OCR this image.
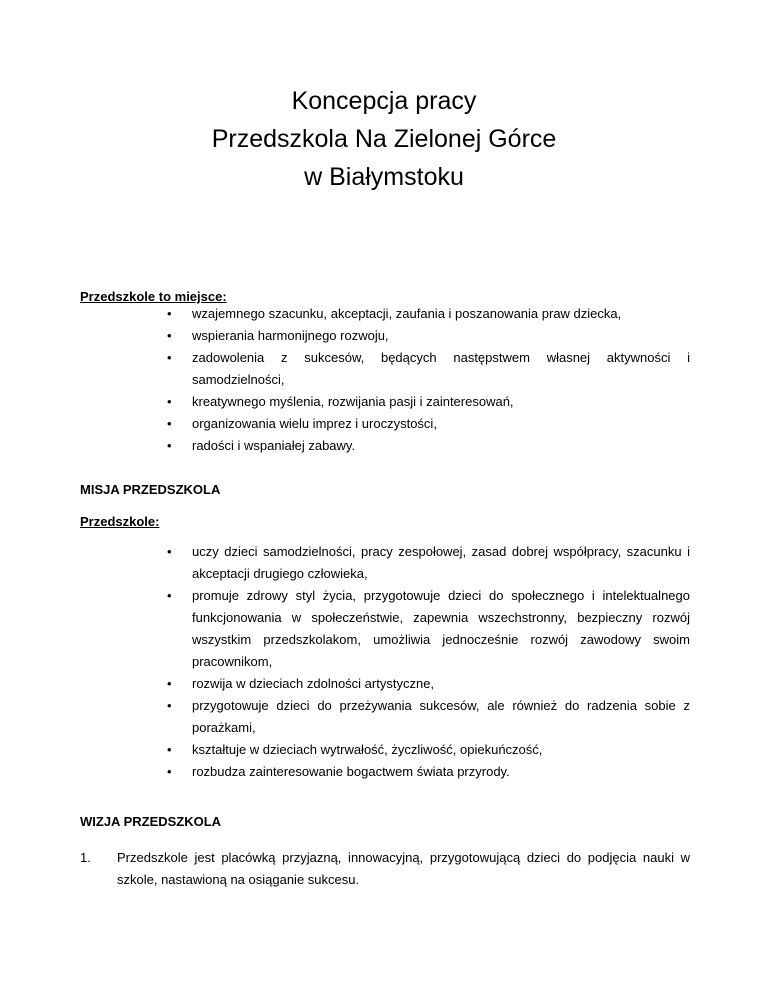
Koncepcja pracy
Przedszkola Na Zielonej Górce
w Białymstoku
Przedszkole to miejsce:
• wzajemnego szacunku, akceptacji, zaufania i poszanowania praw dziecka,
• wspierania harmonijnego rozwoju,
• zadowolenia z sukcesów, będących następstwem własnej aktywności i samodzielności,
• kreatywnego myślenia, rozwijania pasji i zainteresowań,
• organizowania wielu imprez i uroczystości,
• radości i wspaniałej zabawy.
MISJA PRZEDSZKOLA
Przedszkole:
• uczy dzieci samodzielności, pracy zespołowej, zasad dobrej współpracy, szacunku i akceptacji drugiego człowieka,
• promuje zdrowy styl życia, przygotowuje dzieci do społecznego i intelektualnego funkcjonowania w społeczeństwie, zapewnia wszechstronny, bezpieczny rozwój wszystkim przedszkolakom, umożliwia jednocześnie rozwój zawodowy swoim pracownikom,
• rozwija w dzieciach zdolności artystyczne,
• przygotowuje dzieci do przeżywania sukcesów, ale również do radzenia sobie z porażkami,
• kształtuje w dzieciach wytrwałość, życzliwość, opiekuńczość,
• rozbudza zainteresowanie bogactwem świata przyrody.
WIZJA PRZEDSZKOLA
1. Przedszkole jest placówką przyjazną, innowacyjną, przygotowującą dzieci do podjęcia nauki w szkole, nastawioną na osiąganie sukcesu.
